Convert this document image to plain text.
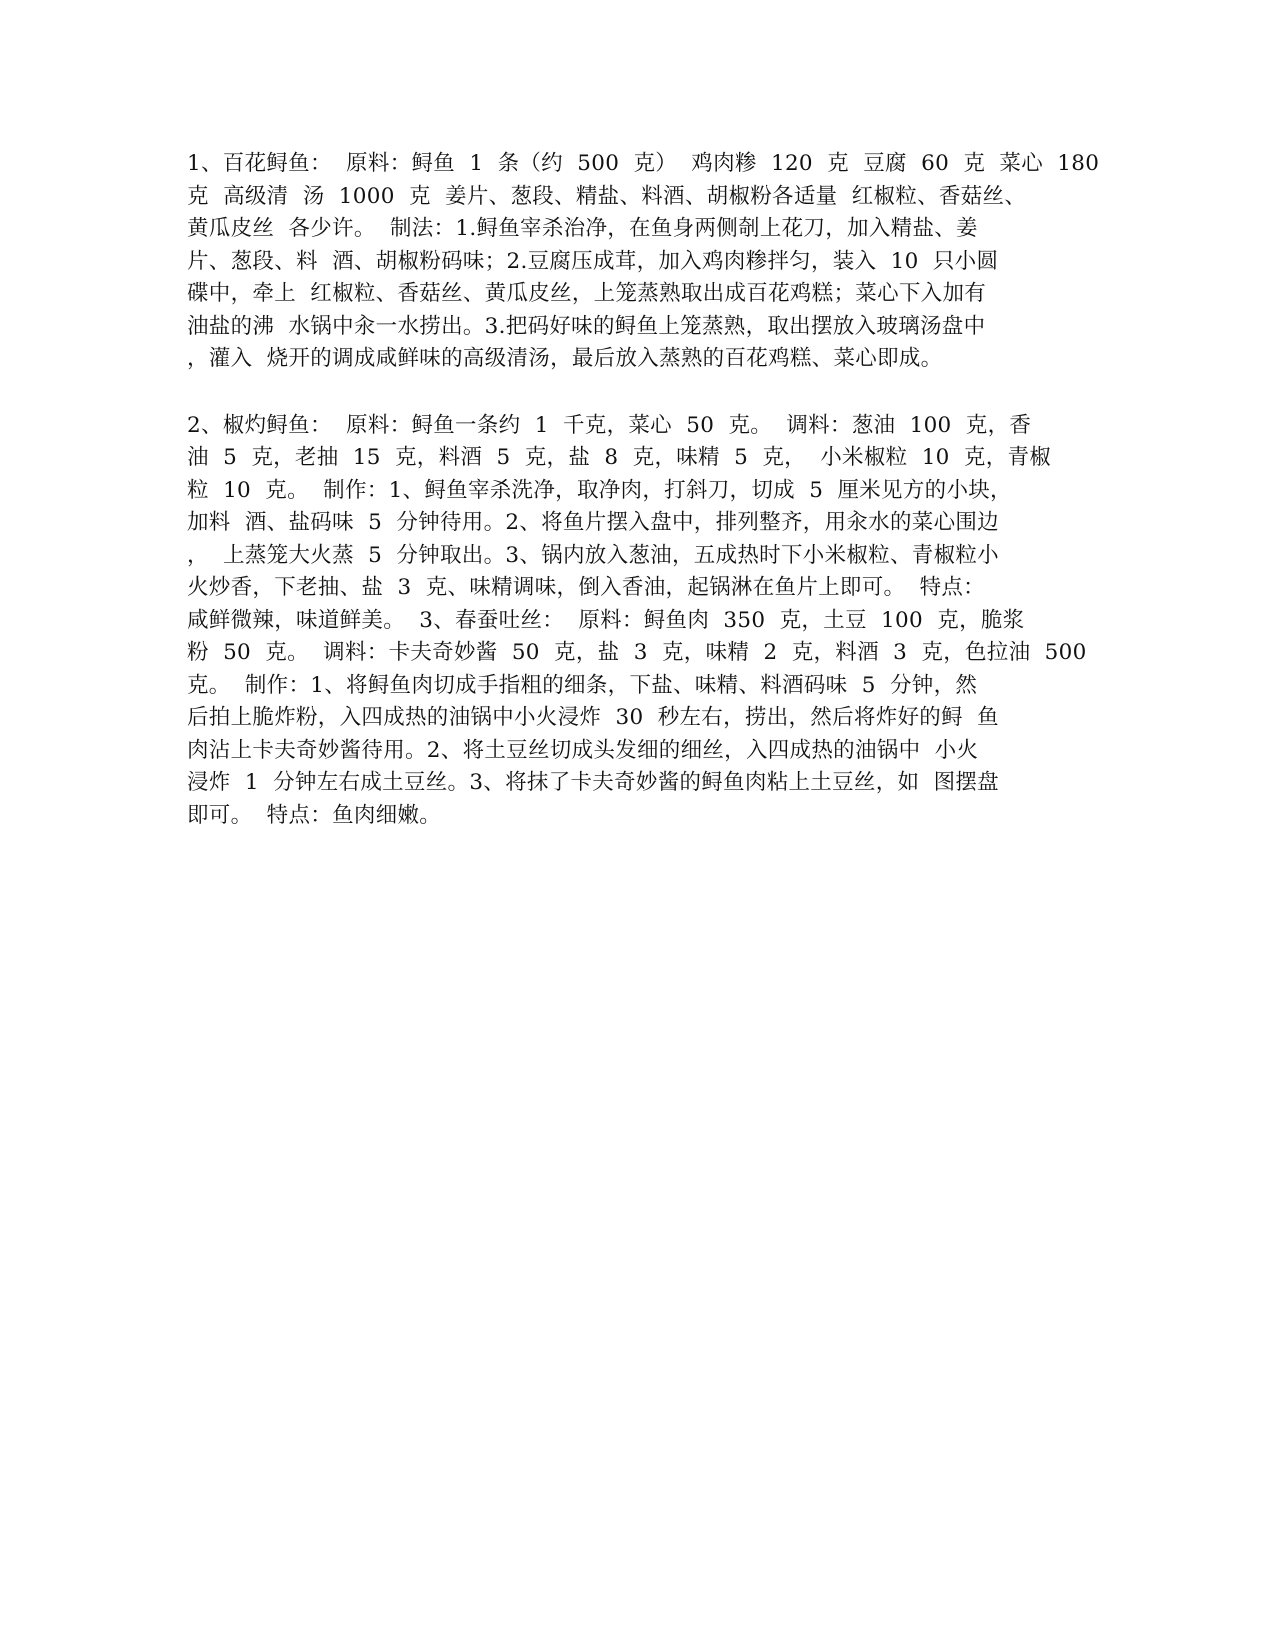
1、百花鲟鱼：  原料：鲟鱼  1  条（约  500  克）  鸡肉糁  120  克  豆腐  60  克  菜心  180
克  高级清  汤  1000  克  姜片、葱段、精盐、料酒、胡椒粉各适量  红椒粒、香菇丝、
黄瓜皮丝  各少许。  制法：1.鲟鱼宰杀治净，在鱼身两侧剞上花刀，加入精盐、姜
片、葱段、料  酒、胡椒粉码味；2.豆腐压成茸，加入鸡肉糁拌匀，装入  10  只小圆
碟中，牵上  红椒粒、香菇丝、黄瓜皮丝，上笼蒸熟取出成百花鸡糕；菜心下入加有
油盐的沸  水锅中汆一水捞出。3.把码好味的鲟鱼上笼蒸熟，取出摆放入玻璃汤盘中
，灌入  烧开的调成咸鲜味的高级清汤，最后放入蒸熟的百花鸡糕、菜心即成。

2、椒灼鲟鱼：  原料：鲟鱼一条约  1  千克，菜心  50  克。  调料：葱油  100  克，香
油  5  克，老抽  15  克，料酒  5  克，盐  8  克，味精  5  克，  小米椒粒  10  克，青椒
粒  10  克。  制作：1、鲟鱼宰杀洗净，取净肉，打斜刀，切成  5  厘米见方的小块，
加料  酒、盐码味  5  分钟待用。2、将鱼片摆入盘中，排列整齐，用汆水的菜心围边
，  上蒸笼大火蒸  5  分钟取出。3、锅内放入葱油，五成热时下小米椒粒、青椒粒小
火炒香，下老抽、盐  3  克、味精调味，倒入香油，起锅淋在鱼片上即可。  特点：
咸鲜微辣，味道鲜美。  3、春蚕吐丝：  原料：鲟鱼肉  350  克，土豆  100  克，脆浆
粉  50  克。  调料：卡夫奇妙酱  50  克，盐  3  克，味精  2  克，料酒  3  克，色拉油  500
克。  制作：1、将鲟鱼肉切成手指粗的细条，下盐、味精、料酒码味  5  分钟，然
后拍上脆炸粉，入四成热的油锅中小火浸炸  30  秒左右，捞出，然后将炸好的鲟  鱼
肉沾上卡夫奇妙酱待用。2、将土豆丝切成头发细的细丝，入四成热的油锅中  小火
浸炸  1  分钟左右成土豆丝。3、将抹了卡夫奇妙酱的鲟鱼肉粘上土豆丝，如  图摆盘
即可。  特点：鱼肉细嫩。
